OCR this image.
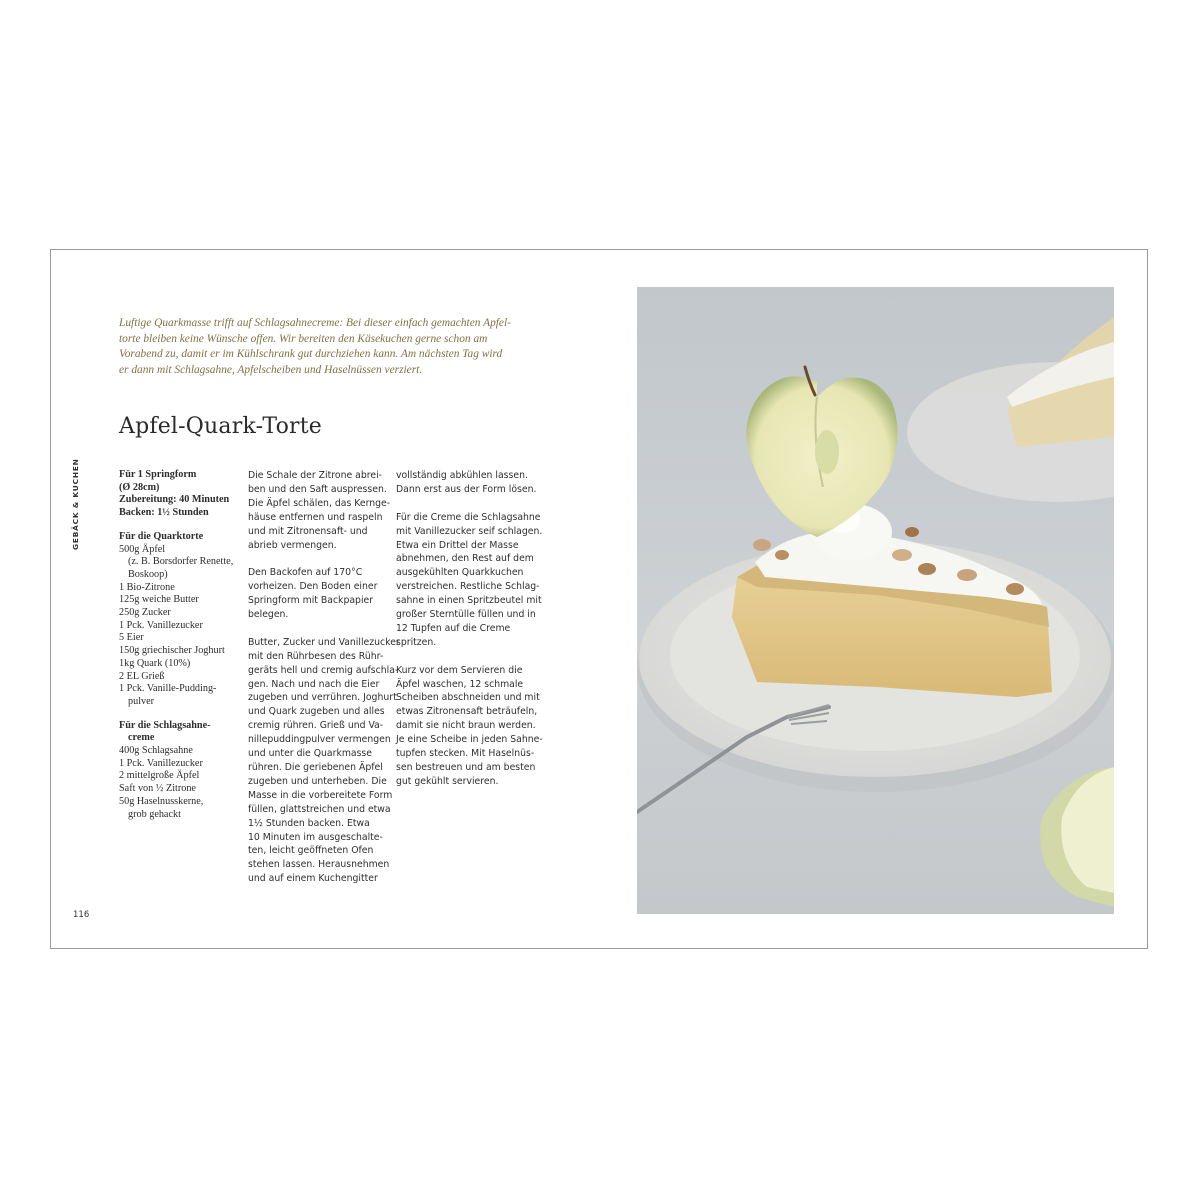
Luftige Quarkmasse trifft auf Schlagsahnecreme: Bei dieser einfach gemachten Apfel-
torte bleiben keine Wünsche offen. Wir bereiten den Käsekuchen gerne schon am
Vorabend zu, damit er im Kühlschrank gut durchziehen kann. Am nächsten Tag wird
er dann mit Schlagsahne, Apfelscheiben und Haselnüssen verziert.
Apfel-Quark-Torte
Für 1 Springform
(Ø 28cm)
Zubereitung: 40 Minuten
Backen: 1½ Stunden
Für die Quarktorte
500g Äpfel
(z. B. Borsdorfer Renette,
Boskoop)
1 Bio-Zitrone
125g weiche Butter
250g Zucker
1 Pck. Vanillezucker
5 Eier
150g griechischer Joghurt
1kg Quark (10%)
2 EL Grieß
1 Pck. Vanille-Pudding-
pulver
Für die Schlagsahne-
creme
400g Schlagsahne
1 Pck. Vanillezucker
2 mittelgroße Äpfel
Saft von ½ Zitrone
50g Haselnusskerne,
grob gehackt

Die Schale der Zitrone abrei-
ben und den Saft auspressen.
Die Äpfel schälen, das Kernge-
häuse entfernen und raspeln
und mit Zitronensaft- und
abrieb vermengen.

Den Backofen auf 170°C
vorheizen. Den Boden einer
Springform mit Backpapier
belegen.

Butter, Zucker und Vanillezucker
mit den Rührbesen des Rühr-
geräts hell und cremig aufschla-
gen. Nach und nach die Eier
zugeben und verrühren. Joghurt
und Quark zugeben und alles
cremig rühren. Grieß und Va-
nillepuddingpulver vermengen
und unter die Quarkmasse
rühren. Die geriebenen Äpfel
zugeben und unterheben. Die
Masse in die vorbereitete Form
füllen, glattstreichen und etwa
1½ Stunden backen. Etwa
10 Minuten im ausgeschalte-
ten, leicht geöffneten Ofen
stehen lassen. Herausnehmen
und auf einem Kuchengitter

vollständig abkühlen lassen.
Dann erst aus der Form lösen.

Für die Creme die Schlagsahne
mit Vanillezucker seif schlagen.
Etwa ein Drittel der Masse
abnehmen, den Rest auf dem
ausgekühlten Quarkkuchen
verstreichen. Restliche Schlag-
sahne in einen Spritzbeutel mit
großer Sterntülle füllen und in
12 Tupfen auf die Creme
spritzen.

Kurz vor dem Servieren die
Äpfel waschen, 12 schmale
Scheiben abschneiden und mit
etwas Zitronensaft beträufeln,
damit sie nicht braun werden.
Je eine Scheibe in jeden Sahne-
tupfen stecken. Mit Haselnüs-
sen bestreuen und am besten
gut gekühlt servieren.

GEBÄCK & KUCHEN
116
